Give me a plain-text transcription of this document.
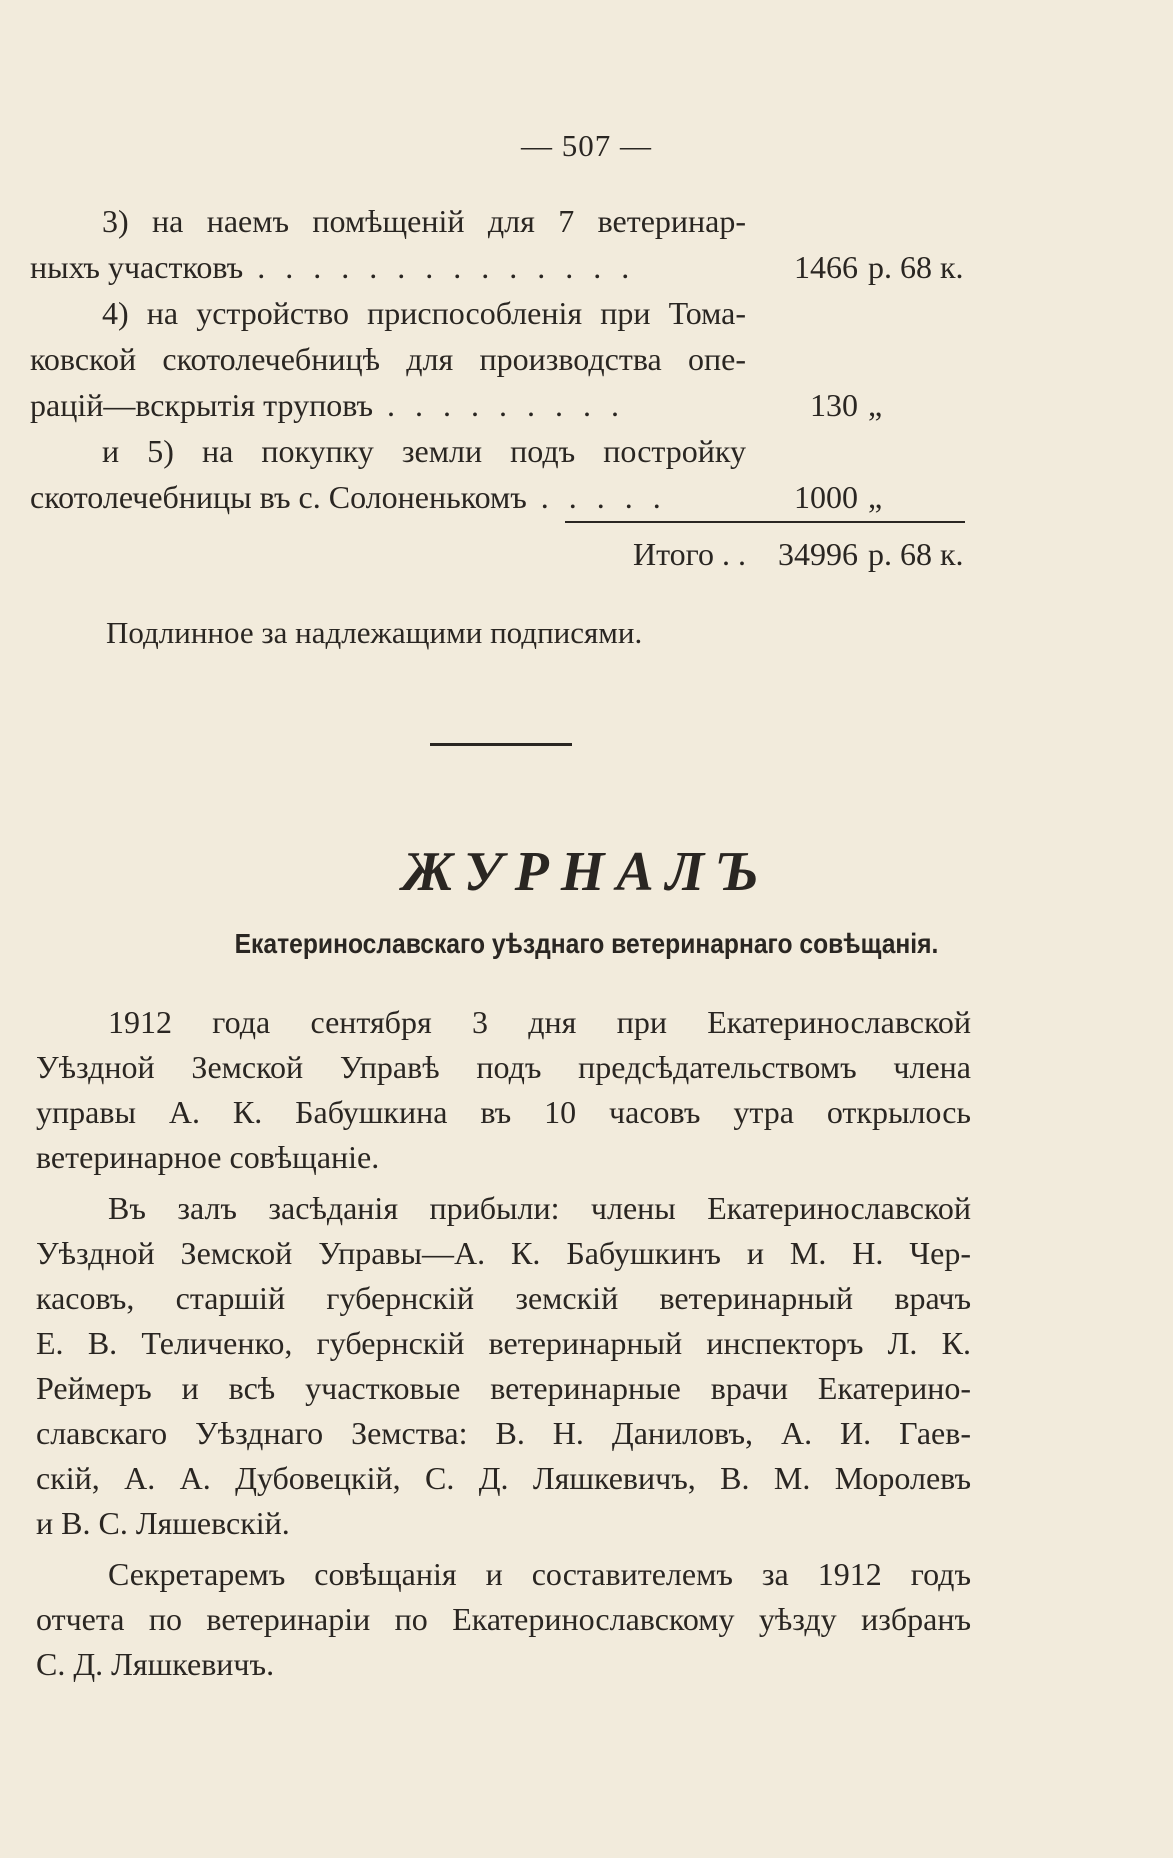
— 507 —
3) на наемъ помѣщеній для 7 ветеринар-
ныхъ участковъ . . . . . . . . . . . . . .	1466 р. 68 к.
4) на устройство приспособленія при Тома-
ковской скотолечебницѣ для производства опе-
рацій—вскрытія труповъ . . . . . . . . .	130 „
и 5) на покупку земли подъ постройку
скотолечебницы въ с. Солоненькомъ . . . . .	1000 „
Итого . .	34996 р. 68 к.
Подлинное за надлежащими подписями.
ЖУРНАЛЪ
Екатеринославскаго уѣзднаго ветеринарнаго совѣщанія.
1912 года сентября 3 дня при Екатеринославской
Уѣздной Земской Управѣ подъ предсѣдательствомъ члена
управы А. К. Бабушкина въ 10 часовъ утра открылось
ветеринарное совѣщаніе.
Въ залъ засѣданія прибыли: члены Екатеринославской
Уѣздной Земской Управы—А. К. Бабушкинъ и М. Н. Чер-
касовъ, старшій губернскій земскій ветеринарный врачъ
Е. В. Теличенко, губернскій ветеринарный инспекторъ Л. К.
Реймеръ и всѣ участковые ветеринарные врачи Екатерино-
славскаго Уѣзднаго Земства: В. Н. Даниловъ, А. И. Гаев-
скій, А. А. Дубовецкій, С. Д. Ляшкевичъ, В. М. Моролевъ
и В. С. Ляшевскій.
Секретаремъ совѣщанія и составителемъ за 1912 годъ
отчета по ветеринаріи по Екатеринославскому уѣзду избранъ
С. Д. Ляшкевичъ.
